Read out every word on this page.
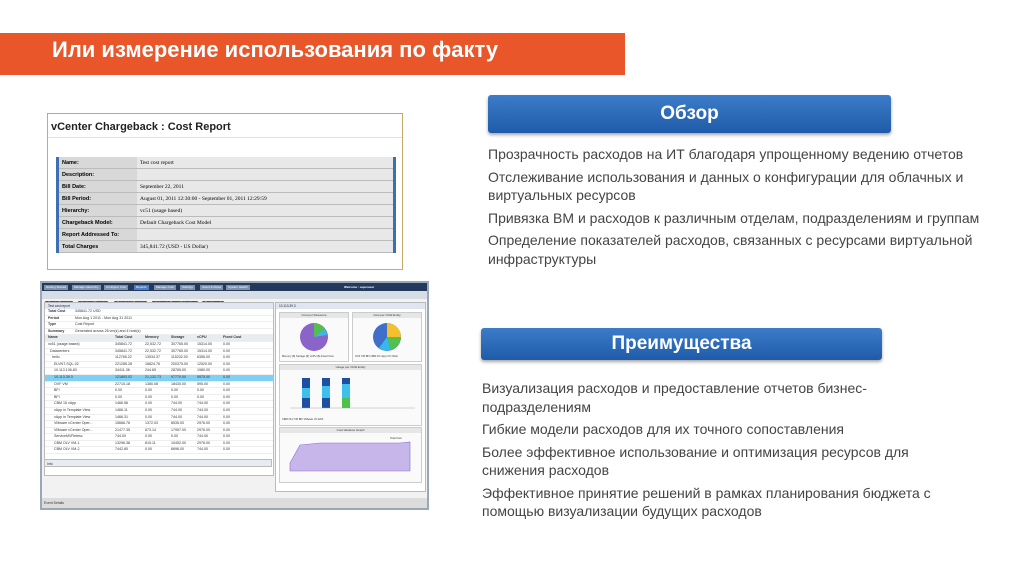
Или измерение использования по факту
Обзор
Прозрачность расходов на ИТ благодаря упрощенному ведению отчетов
Отслеживание использования и данных о конфигурации для облачных и виртуальных ресурсов
Привязка ВМ и расходов к различным отделам, подразделениям и группам
Определение показателей расходов, связанных с ресурсами виртуальной инфраструктуры
Преимущества
Визуализация расходов и предоставление отчетов бизнес-подразделениям
Гибкие модели расходов для их точного сопоставления
Более эффективное использование и оптимизация ресурсов для снижения расходов
Эффективное принятие решений в рамках планирования бюджета с помощью визуализации будущих расходов
vCenter Chargeback : Cost Report
Name:	Test cost report
Description:	
Bill Date:	September 22, 2011
Bill Period:	August 01, 2011 12:30:00 - September 01, 2011 12:29:59
Hierarchy:	vc51 (usage based)
Chargeback Model:	Default Chargeback Cost Model
Report Addressed To:	
Total Charges	345,841.72 (USD - US Dollar)
Getting Started	Manage Hierarchy	Configure Cost	Reports	Manage Cost	Settings	Users & Roles	System Health	Welcome : superuser
Test cost report
Total Cost	345841.72 USD
Period	Mon Aug 1 2011 - Mon Aug 31 2011
Type	Cost Report
Summary	Generated across 26 vm(s) and 4 host(s)
Name	Total Cost	Memory	Storage	vCPU	Fixed Cost
vc51 (usage based)	345841.72	22,532.72	307765.00	15314.00	0.00
Datacenters	345841.72	22,532.72	307765.00	15314.00	0.00
hello	112765.22	13534.37	115232.00	6356.00	0.00
ELVNT-SQL-02	221285.28	16824.76	200375.00	12520.00	0.00
10.113.106.83	34411.36	244.65	28765.00	1980.00	0.00
10.113.39.3	121893.02	21,132.73	97770.00	5975.00	0.00
OVF VM	22715.18	1380.08	18430.00	595.00	0.00
BFI	0.00	0.00	0.00	0.00	0.00
BFI	0.00	0.00	0.00	0.00	0.00
CBM 15 vApp	1466.56	0.00	744.00	744.00	0.00
vApp in Template View	1466.11	0.00	744.00	744.00	0.00
vApp in Template View	1466.31	0.00	744.00	744.00	0.00
VMware vCenter Oper...	15666.76	1372.03	8535.00	2976.00	0.00
VMware vCenter Oper...	21477.35	673.14	17957.00	2976.00	0.00
ServiceMVRetesc	744.00	0.00	0.00	744.00	0.00
CBM OLV VM-1	13296.38	815.11	10452.00	2976.00	0.00
CBM OLV VM-2	7442.80	0.00	6696.00	744.00	0.00
Info
10.113.39.3
Cost per Resource
Memory ($) Storage ($) vCPU ($) Fixed Cost
Cost per Child Entity
OVF VM BFI CBM 15 vApp VC Other
Usage per Child Entity
CBM OLV VM BFI VMware VC ESX
Cost Variance Graph
Total Cost
Event Details
